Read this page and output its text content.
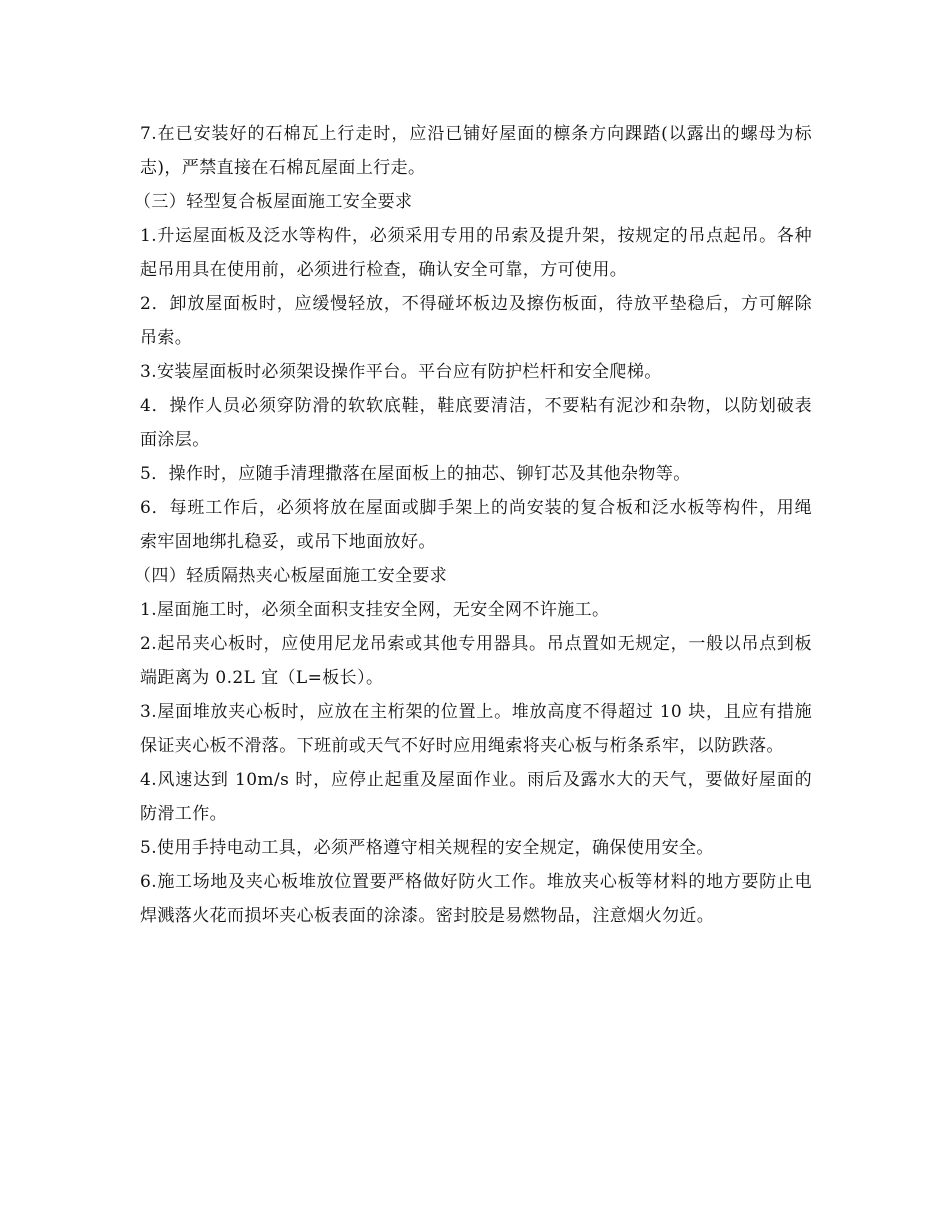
7.在已安装好的石棉瓦上行走时，应沿已铺好屋面的檩条方向踝踏(以露出的螺母为标志)，严禁直接在石棉瓦屋面上行走。

（三）轻型复合板屋面施工安全要求

1.升运屋面板及泛水等构件，必须采用专用的吊索及提升架，按规定的吊点起吊。各种起吊用具在使用前，必须进行检查，确认安全可靠，方可使用。

2．卸放屋面板时，应缓慢轻放，不得碰坏板边及擦伤板面，待放平垫稳后，方可解除吊索。

3.安装屋面板时必须架设操作平台。平台应有防护栏杆和安全爬梯。

4．操作人员必须穿防滑的软软底鞋，鞋底要清洁，不要粘有泥沙和杂物，以防划破表面涂层。

5．操作时，应随手清理撒落在屋面板上的抽芯、铆钉芯及其他杂物等。

6．每班工作后，必须将放在屋面或脚手架上的尚安装的复合板和泛水板等构件，用绳索牢固地绑扎稳妥，或吊下地面放好。

（四）轻质隔热夹心板屋面施工安全要求

1.屋面施工时，必须全面积支挂安全网，无安全网不许施工。

2.起吊夹心板时，应使用尼龙吊索或其他专用器具。吊点置如无规定，一般以吊点到板端距离为 0.2L 宜（L=板长）。

3.屋面堆放夹心板时，应放在主桁架的位置上。堆放高度不得超过 10 块，且应有措施保证夹心板不滑落。下班前或天气不好时应用绳索将夹心板与桁条系牢，以防跌落。

4.风速达到 10m/s 时，应停止起重及屋面作业。雨后及露水大的天气，要做好屋面的防滑工作。

5.使用手持电动工具，必须严格遵守相关规程的安全规定，确保使用安全。

6.施工场地及夹心板堆放位置要严格做好防火工作。堆放夹心板等材料的地方要防止电焊溅落火花而损坏夹心板表面的涂漆。密封胶是易燃物品，注意烟火勿近。
